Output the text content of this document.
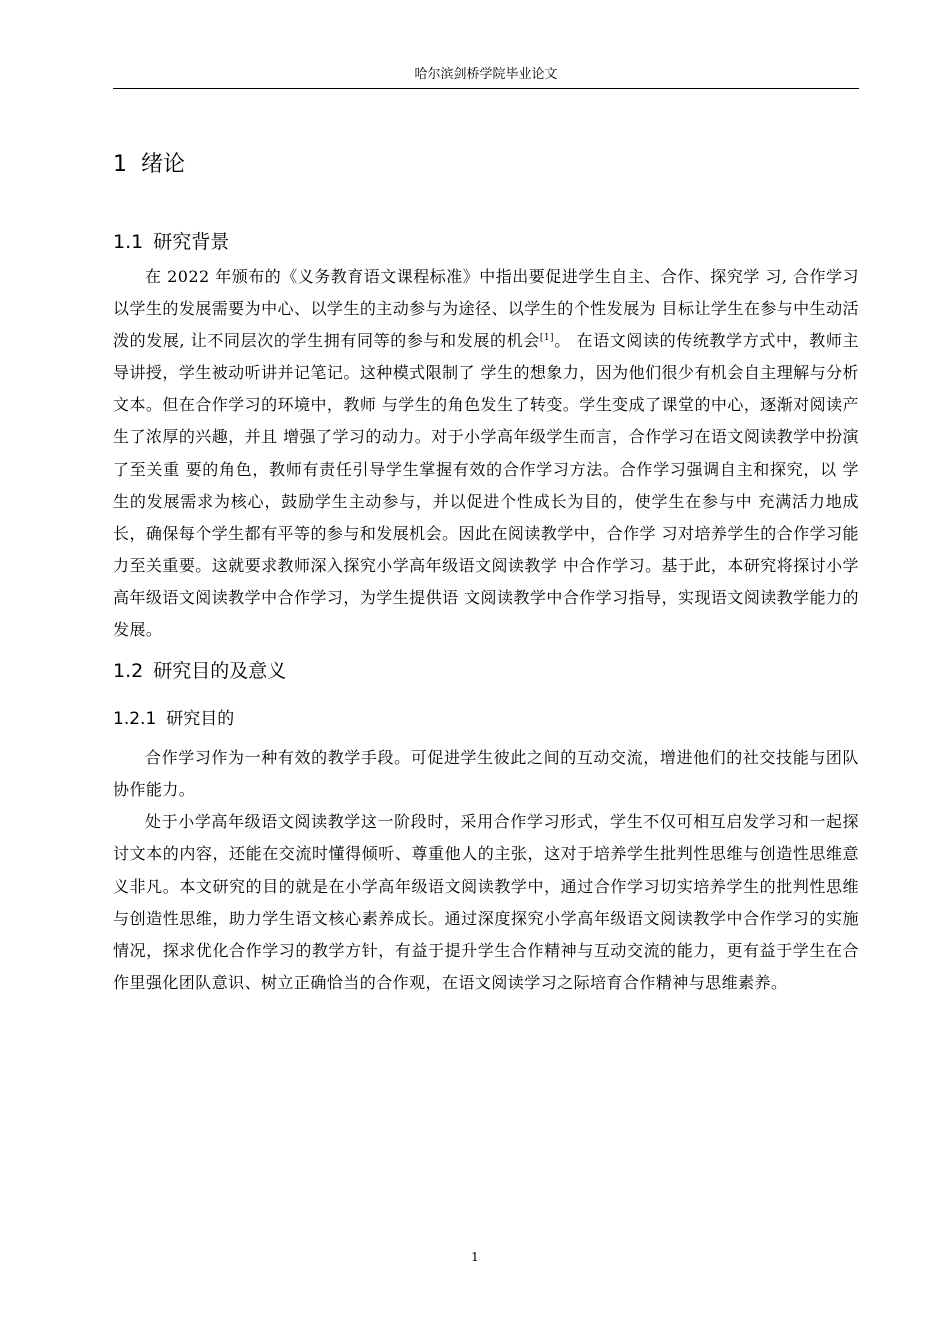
哈尔滨剑桥学院毕业论文
1 绪论
1.1 研究背景

在 2022 年颁布的《义务教育语文课程标准》中指出要促进学生自主、合作、探究学 习, 合作学习以学生的发展需要为中心、以学生的主动参与为途径、以学生的个性发展为 目标让学生在参与中生动活泼的发展, 让不同层次的学生拥有同等的参与和发展的机会[1]。 在语文阅读的传统教学方式中，教师主导讲授，学生被动听讲并记笔记。这种模式限制了 学生的想象力，因为他们很少有机会自主理解与分析文本。但在合作学习的环境中，教师 与学生的角色发生了转变。学生变成了课堂的中心，逐渐对阅读产生了浓厚的兴趣，并且 增强了学习的动力。对于小学高年级学生而言，合作学习在语文阅读教学中扮演了至关重 要的角色，教师有责任引导学生掌握有效的合作学习方法。合作学习强调自主和探究，以 学生的发展需求为核心，鼓励学生主动参与，并以促进个性成长为目的，使学生在参与中 充满活力地成长，确保每个学生都有平等的参与和发展机会。因此在阅读教学中，合作学 习对培养学生的合作学习能力至关重要。这就要求教师深入探究小学高年级语文阅读教学 中合作学习。基于此，本研究将探讨小学高年级语文阅读教学中合作学习，为学生提供语 文阅读教学中合作学习指导，实现语文阅读教学能力的发展。

1.2 研究目的及意义
1.2.1 研究目的

合作学习作为一种有效的教学手段。可促进学生彼此之间的互动交流，增进他们的社交技能与团队协作能力。

处于小学高年级语文阅读教学这一阶段时，采用合作学习形式，学生不仅可相互启发学习和一起探讨文本的内容，还能在交流时懂得倾听、尊重他人的主张，这对于培养学生批判性思维与创造性思维意义非凡。本文研究的目的就是在小学高年级语文阅读教学中，通过合作学习切实培养学生的批判性思维与创造性思维，助力学生语文核心素养成长。通过深度探究小学高年级语文阅读教学中合作学习的实施情况，探求优化合作学习的教学方针，有益于提升学生合作精神与互动交流的能力，更有益于学生在合作里强化团队意识、树立正确恰当的合作观，在语文阅读学习之际培育合作精神与思维素养。

1
